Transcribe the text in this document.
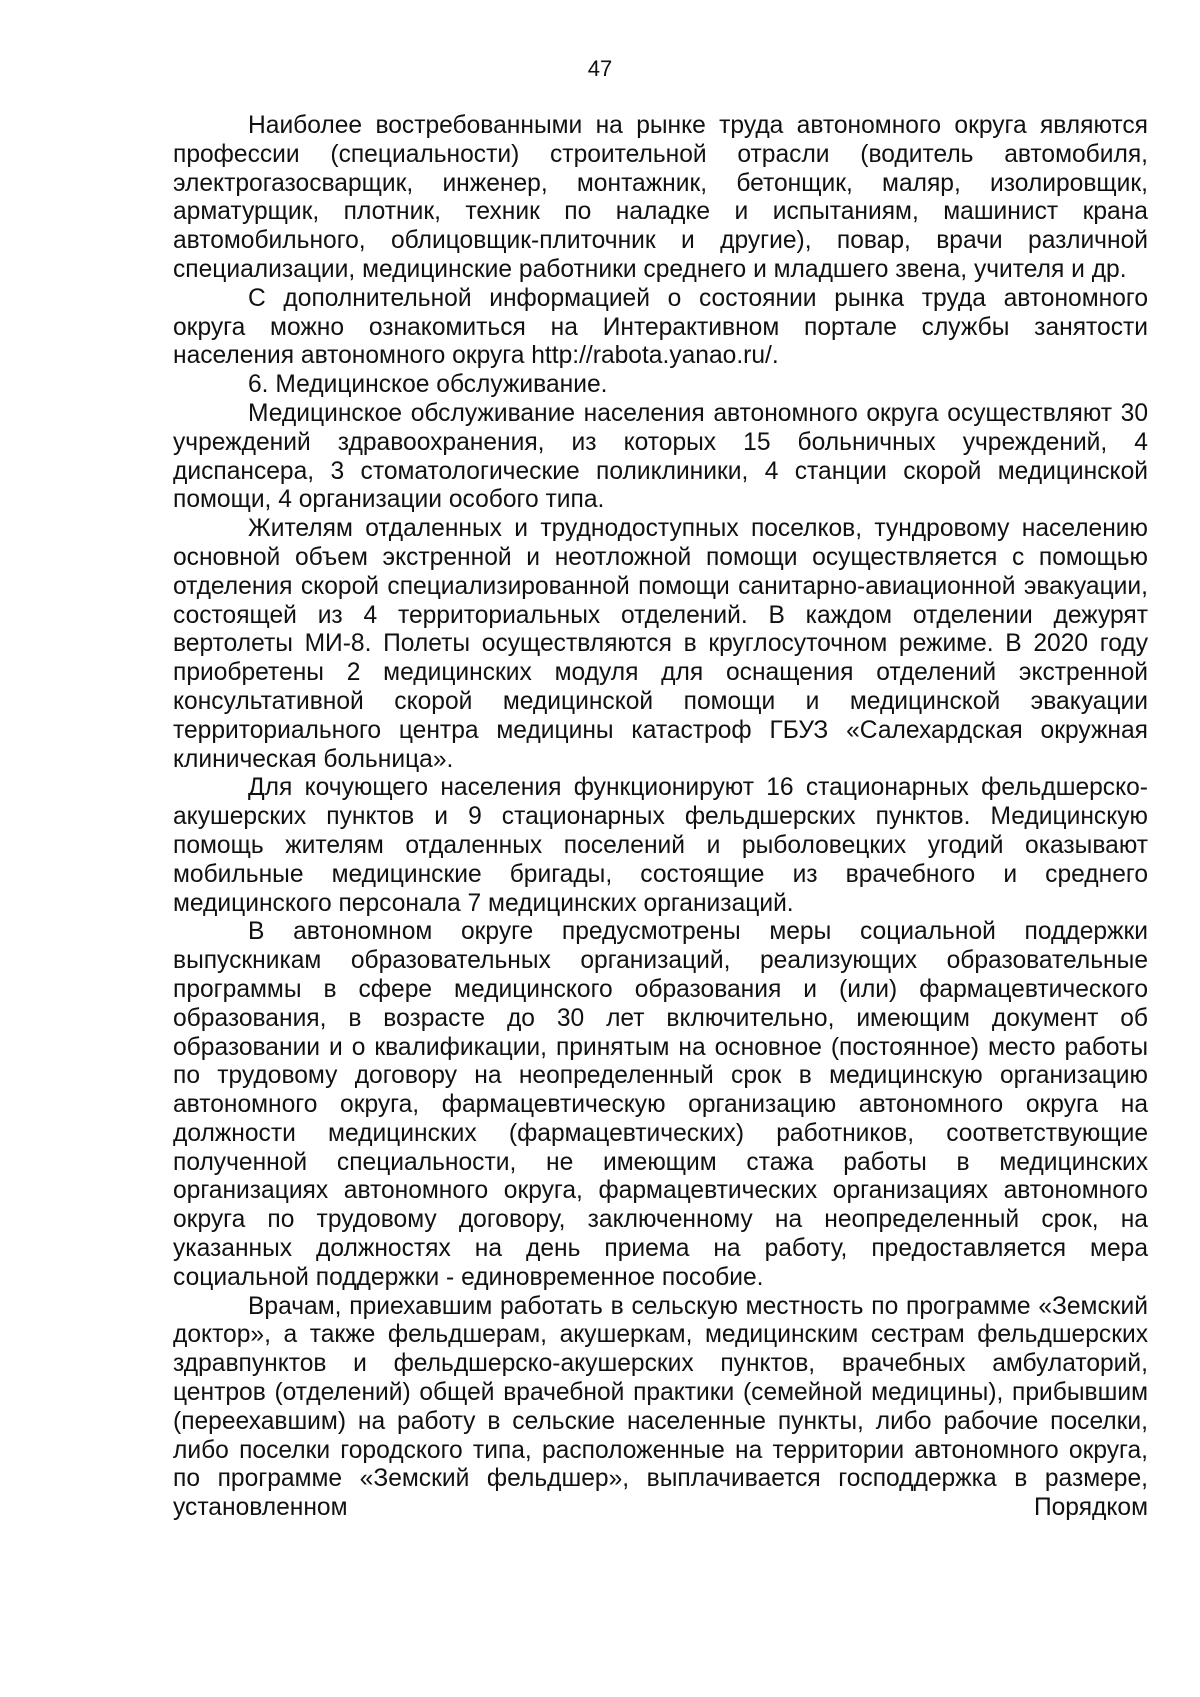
47

Наиболее востребованными на рынке труда автономного округа являются профессии (специальности) строительной отрасли (водитель автомобиля, электрогазосварщик, инженер, монтажник, бетонщик, маляр, изолировщик, арматурщик, плотник, техник по наладке и испытаниям, машинист крана автомобильного, облицовщик-плиточник и другие), повар, врачи различной специализации, медицинские работники среднего и младшего звена, учителя и др.

С дополнительной информацией о состоянии рынка труда автономного округа можно ознакомиться на Интерактивном портале службы занятости населения автономного округа http://rabota.yanao.ru/.

6. Медицинское обслуживание.

Медицинское обслуживание населения автономного округа осуществляют 30 учреждений здравоохранения, из которых 15 больничных учреждений, 4 диспансера, 3 стоматологические поликлиники, 4 станции скорой медицинской помощи, 4 организации особого типа.

Жителям отдаленных и труднодоступных поселков, тундровому населению основной объем экстренной и неотложной помощи осуществляется с помощью отделения скорой специализированной помощи санитарно-авиационной эвакуации, состоящей из 4 территориальных отделений. В каждом отделении дежурят вертолеты МИ-8. Полеты осуществляются в круглосуточном режиме. В 2020 году приобретены 2 медицинских модуля для оснащения отделений экстренной консультативной скорой медицинской помощи и медицинской эвакуации территориального центра медицины катастроф ГБУЗ «Салехардская окружная клиническая больница».

Для кочующего населения функционируют 16 стационарных фельдшерско-акушерских пунктов и 9 стационарных фельдшерских пунктов. Медицинскую помощь жителям отдаленных поселений и рыболовецких угодий оказывают мобильные медицинские бригады, состоящие из врачебного и среднего медицинского персонала 7 медицинских организаций.

В автономном округе предусмотрены меры социальной поддержки выпускникам образовательных организаций, реализующих образовательные программы в сфере медицинского образования и (или) фармацевтического образования, в возрасте до 30 лет включительно, имеющим документ об образовании и о квалификации, принятым на основное (постоянное) место работы по трудовому договору на неопределенный срок в медицинскую организацию автономного округа, фармацевтическую организацию автономного округа на должности медицинских (фармацевтических) работников, соответствующие полученной специальности, не имеющим стажа работы в медицинских организациях автономного округа, фармацевтических организациях автономного округа по трудовому договору, заключенному на неопределенный срок, на указанных должностях на день приема на работу, предоставляется мера социальной поддержки - единовременное пособие.

Врачам, приехавшим работать в сельскую местность по программе «Земский доктор», а также фельдшерам, акушеркам, медицинским сестрам фельдшерских здравпунктов и фельдшерско-акушерских пунктов, врачебных амбулаторий, центров (отделений) общей врачебной практики (семейной медицины), прибывшим (переехавшим) на работу в сельские населенные пункты, либо рабочие поселки, либо поселки городского типа, расположенные на территории автономного округа, по программе «Земский фельдшер», выплачивается господдержка в размере, установленном Порядком
